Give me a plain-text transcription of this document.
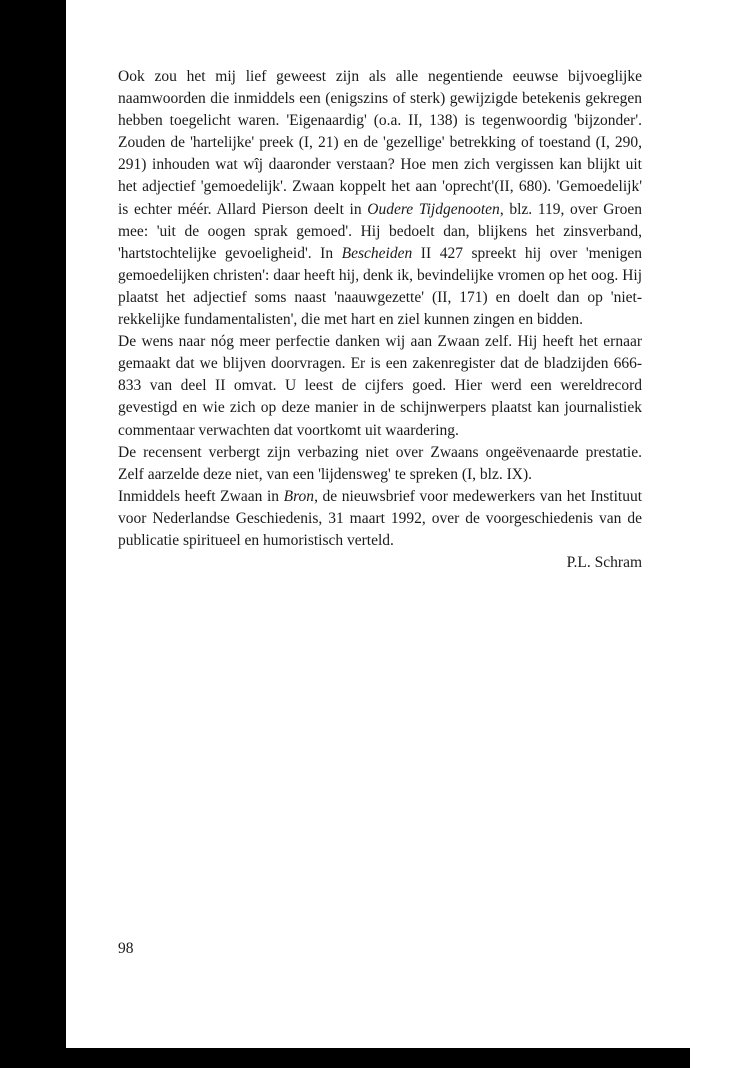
Ook zou het mij lief geweest zijn als alle negentiende eeuwse bijvoeglijke naamwoorden die inmiddels een (enigszins of sterk) gewijzigde betekenis gekregen hebben toegelicht waren. 'Eigenaardig' (o.a. II, 138) is tegenwoordig 'bijzonder'. Zouden de 'hartelijke' preek (I, 21) en de 'gezellige' betrekking of toestand (I, 290, 291) inhouden wat wîj daaronder verstaan? Hoe men zich vergissen kan blijkt uit het adjectief 'gemoedelijk'. Zwaan koppelt het aan 'oprecht'(II, 680). 'Gemoedelijk' is echter méér. Allard Pierson deelt in Oudere Tijdgenooten, blz. 119, over Groen mee: 'uit de oogen sprak gemoed'. Hij bedoelt dan, blijkens het zinsverband, 'hartstochtelijke gevoeligheid'. In Bescheiden II 427 spreekt hij over 'menigen gemoedelijken christen': daar heeft hij, denk ik, bevindelijke vromen op het oog. Hij plaatst het adjectief soms naast 'naauwgezette' (II, 171) en doelt dan op 'niet-rekkelijke fundamentalisten', die met hart en ziel kunnen zingen en bidden.

De wens naar nóg meer perfectie danken wij aan Zwaan zelf. Hij heeft het ernaar gemaakt dat we blijven doorvragen. Er is een zakenregister dat de bladzijden 666-833 van deel II omvat. U leest de cijfers goed. Hier werd een wereldrecord gevestigd en wie zich op deze manier in de schijnwerpers plaatst kan journalistiek commentaar verwachten dat voortkomt uit waardering.

De recensent verbergt zijn verbazing niet over Zwaans ongeëvenaarde prestatie. Zelf aarzelde deze niet, van een 'lijdensweg' te spreken (I, blz. IX).

Inmiddels heeft Zwaan in Bron, de nieuwsbrief voor medewerkers van het Instituut voor Nederlandse Geschiedenis, 31 maart 1992, over de voorgeschiedenis van de publicatie spiritueel en humoristisch verteld.

P.L. Schram

98
